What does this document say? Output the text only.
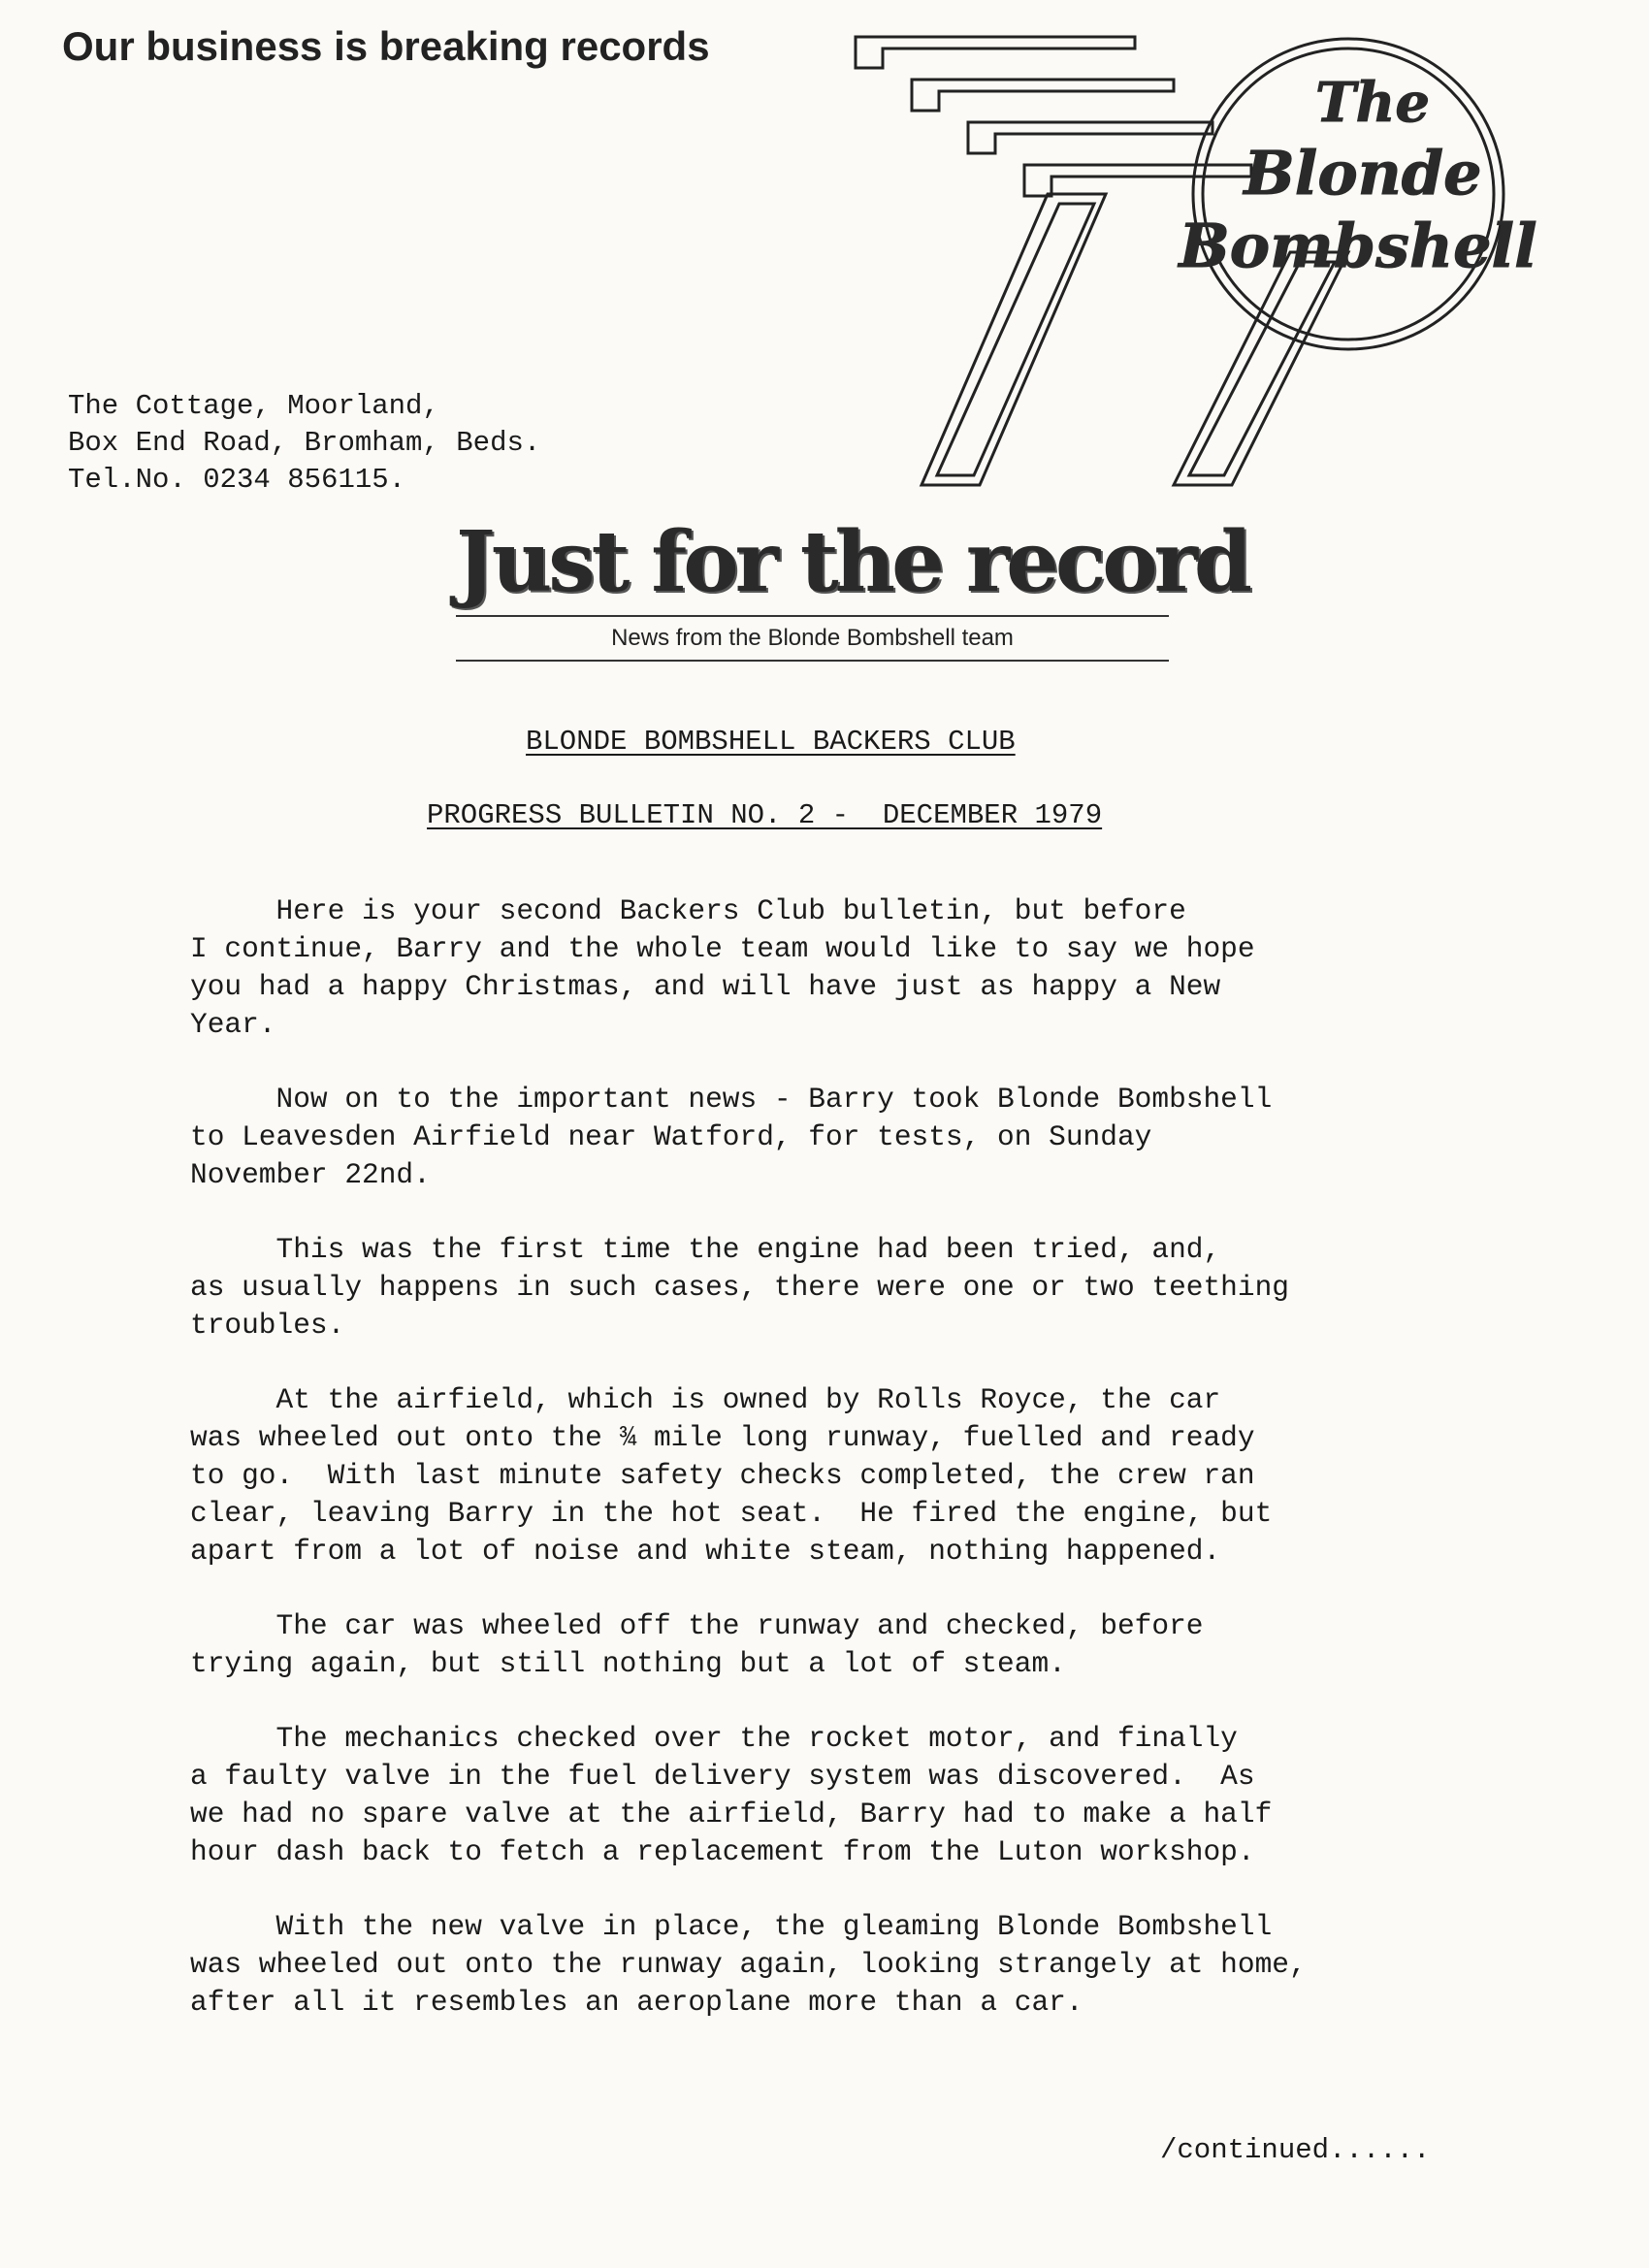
Our business is breaking records
The
Blonde
Bombshell
The Cottage, Moorland,
Box End Road, Bromham, Beds.
Tel.No. 0234 856115.
Just for the record
News from the Blonde Bombshell team
BLONDE BOMBSHELL BACKERS CLUB
PROGRESS BULLETIN NO. 2 -  DECEMBER 1979
Here is your second Backers Club bulletin, but before
I continue, Barry and the whole team would like to say we hope
you had a happy Christmas, and will have just as happy a New
Year.
Now on to the important news - Barry took Blonde Bombshell
to Leavesden Airfield near Watford, for tests, on Sunday
November 22nd.
This was the first time the engine had been tried, and,
as usually happens in such cases, there were one or two teething
troubles.
At the airfield, which is owned by Rolls Royce, the car
was wheeled out onto the ¾ mile long runway, fuelled and ready
to go.  With last minute safety checks completed, the crew ran
clear, leaving Barry in the hot seat.  He fired the engine, but
apart from a lot of noise and white steam, nothing happened.
The car was wheeled off the runway and checked, before
trying again, but still nothing but a lot of steam.
The mechanics checked over the rocket motor, and finally
a faulty valve in the fuel delivery system was discovered.  As
we had no spare valve at the airfield, Barry had to make a half
hour dash back to fetch a replacement from the Luton workshop.
With the new valve in place, the gleaming Blonde Bombshell
was wheeled out onto the runway again, looking strangely at home,
after all it resembles an aeroplane more than a car.
/continued......
